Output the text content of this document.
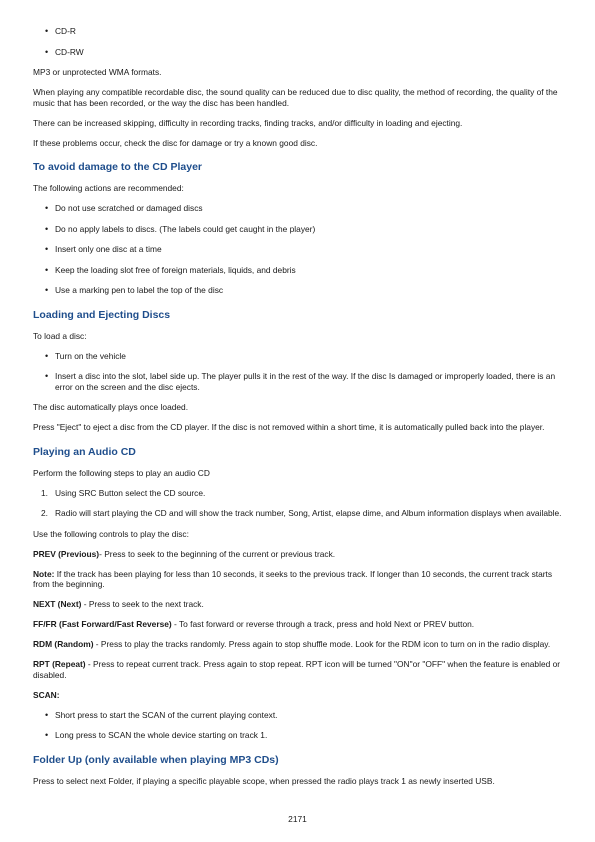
• CD-R
• CD-RW

MP3 or unprotected WMA formats.

When playing any compatible recordable disc, the sound quality can be reduced due to disc quality, the method of recording, the quality of the music that has been recorded, or the way the disc has been handled.

There can be increased skipping, difficulty in recording tracks, finding tracks, and/or difficulty in loading and ejecting.

If these problems occur, check the disc for damage or try a known good disc.

To avoid damage to the CD Player

The following actions are recommended:

• Do not use scratched or damaged discs
• Do no apply labels to discs. (The labels could get caught in the player)
• Insert only one disc at a time
• Keep the loading slot free of foreign materials, liquids, and debris
• Use a marking pen to label the top of the disc
Loading and Ejecting Discs

To load a disc:

• Turn on the vehicle
• Insert a disc into the slot, label side up. The player pulls it in the rest of the way. If the disc Is damaged or improperly loaded, there is an error on the screen and the disc ejects.

The disc automatically plays once loaded.

Press "Eject" to eject a disc from the CD player. If the disc is not removed within a short time, it is automatically pulled back into the player.

Playing an Audio CD

Perform the following steps to play an audio CD

1. Using SRC Button select the CD source.
2. Radio will start playing the CD and will show the track number, Song, Artist, elapse dime, and Album information displays when available.

Use the following controls to play the disc:

PREV (Previous)- Press to seek to the beginning of the current or previous track.

Note: If the track has been playing for less than 10 seconds, it seeks to the previous track. If longer than 10 seconds, the current track starts from the beginning.

NEXT (Next) - Press to seek to the next track.

FF/FR (Fast Forward/Fast Reverse) - To fast forward or reverse through a track, press and hold Next or PREV button.

RDM (Random) - Press to play the tracks randomly. Press again to stop shuffle mode. Look for the RDM icon to turn on in the radio display.

RPT (Repeat) - Press to repeat current track. Press again to stop repeat. RPT icon will be turned "ON"or "OFF" when the feature is enabled or disabled.

SCAN:

• Short press to start the SCAN of the current playing context.
• Long press to SCAN the whole device starting on track 1.
Folder Up (only available when playing MP3 CDs)

Press to select next Folder, if playing a specific playable scope, when pressed the radio plays track 1 as newly inserted USB.

2171
